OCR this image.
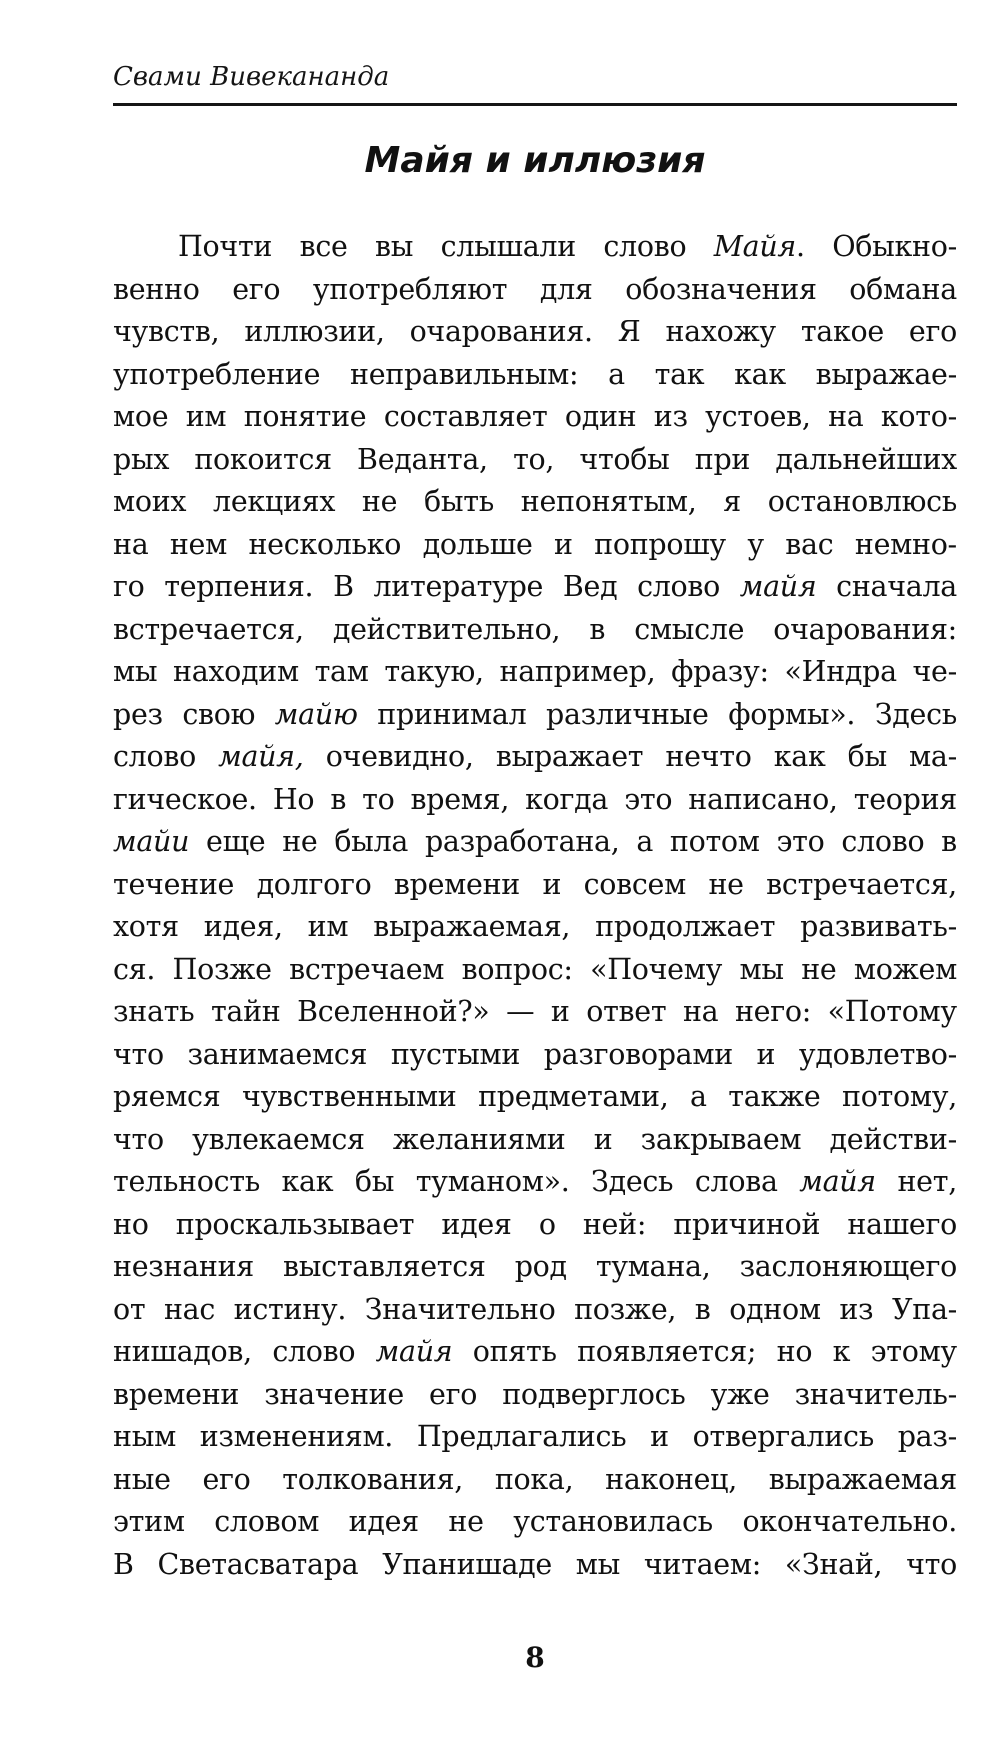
Свами Вивекананда
Майя и иллюзия
Почти все вы слышали слово Майя. Обыкно-
венно его употребляют для обозначения обмана
чувств, иллюзии, очарования. Я нахожу такое его
употребление неправильным: а так как выражае-
мое им понятие составляет один из устоев, на кото-
рых покоится Веданта, то, чтобы при дальнейших
моих лекциях не быть непонятым, я остановлюсь
на нем несколько дольше и попрошу у вас немно-
го терпения. В литературе Вед слово майя сначала
встречается, действительно, в смысле очарования:
мы находим там такую, например, фразу: «Индра че-
рез свою майю принимал различные формы». Здесь
слово майя, очевидно, выражает нечто как бы ма-
гическое. Но в то время, когда это написано, теория
майи еще не была разработана, а потом это слово в
течение долгого времени и совсем не встречается,
хотя идея, им выражаемая, продолжает развивать-
ся. Позже встречаем вопрос: «Почему мы не можем
знать тайн Вселенной?» — и ответ на него: «Потому
что занимаемся пустыми разговорами и удовлетво-
ряемся чувственными предметами, а также потому,
что увлекаемся желаниями и закрываем действи-
тельность как бы туманом». Здесь слова майя нет,
но проскальзывает идея о ней: причиной нашего
незнания выставляется род тумана, заслоняющего
от нас истину. Значительно позже, в одном из Упа-
нишадов, слово майя опять появляется; но к этому
времени значение его подверглось уже значитель-
ным изменениям. Предлагались и отвергались раз-
ные его толкования, пока, наконец, выражаемая
этим словом идея не установилась окончательно.
В Светасватара Упанишаде мы читаем: «Знай, что
8
